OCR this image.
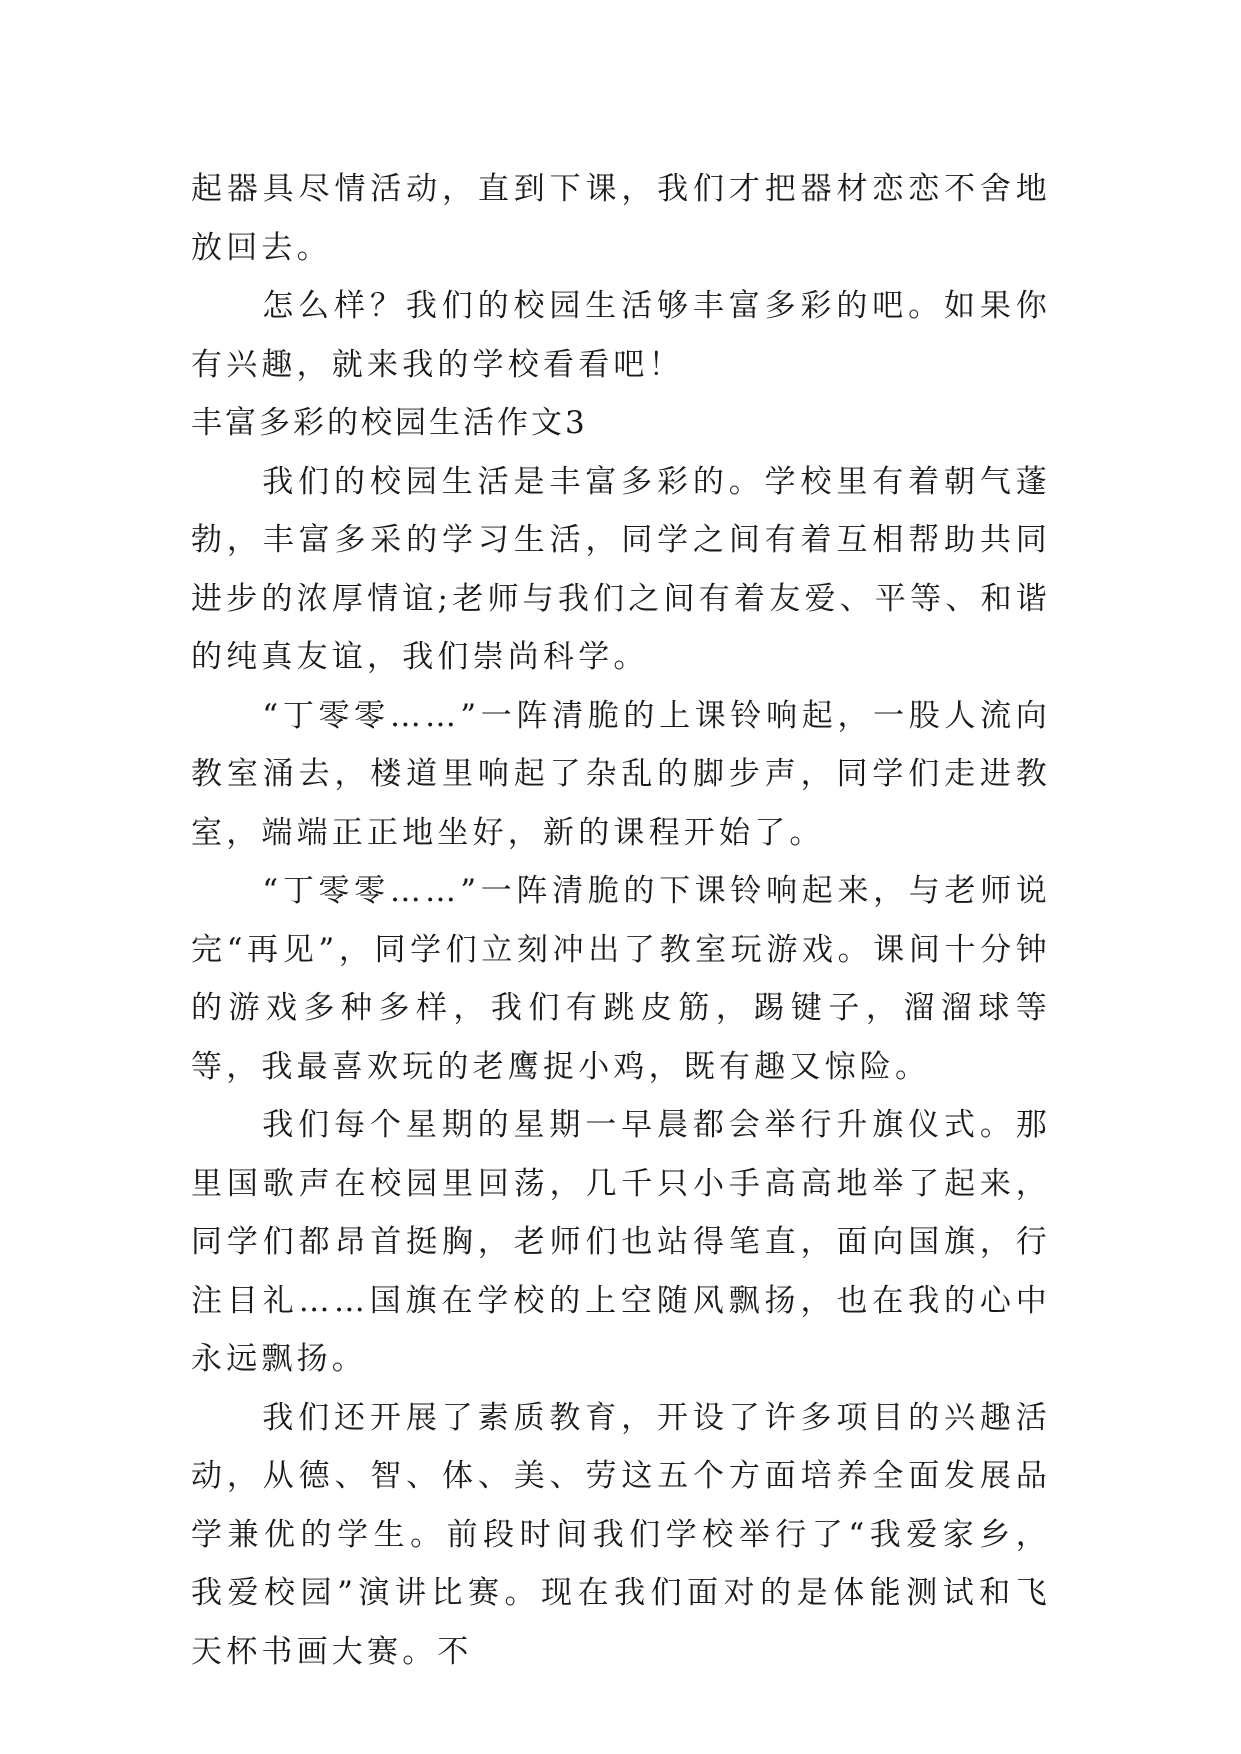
起器具尽情活动，直到下课，我们才把器材恋恋不舍地放回去。

怎么样？我们的校园生活够丰富多彩的吧。如果你有兴趣，就来我的学校看看吧！

丰富多彩的校园生活作文3

我们的校园生活是丰富多彩的。学校里有着朝气蓬勃，丰富多采的学习生活，同学之间有着互相帮助共同进步的浓厚情谊;老师与我们之间有着友爱、平等、和谐的纯真友谊，我们崇尚科学。

“丁零零……”一阵清脆的上课铃响起，一股人流向教室涌去，楼道里响起了杂乱的脚步声，同学们走进教室，端端正正地坐好，新的课程开始了。

“丁零零……”一阵清脆的下课铃响起来，与老师说完“再见”，同学们立刻冲出了教室玩游戏。课间十分钟的游戏多种多样，我们有跳皮筋，踢键子，溜溜球等等，我最喜欢玩的老鹰捉小鸡，既有趣又惊险。

我们每个星期的星期一早晨都会举行升旗仪式。那里国歌声在校园里回荡，几千只小手高高地举了起来，同学们都昂首挺胸，老师们也站得笔直，面向国旗，行注目礼……国旗在学校的上空随风飘扬，也在我的心中永远飘扬。

我们还开展了素质教育，开设了许多项目的兴趣活动，从德、智、体、美、劳这五个方面培养全面发展品学兼优的学生。前段时间我们学校举行了“我爱家乡，我爱校园”演讲比赛。现在我们面对的是体能测试和飞天杯书画大赛。不
